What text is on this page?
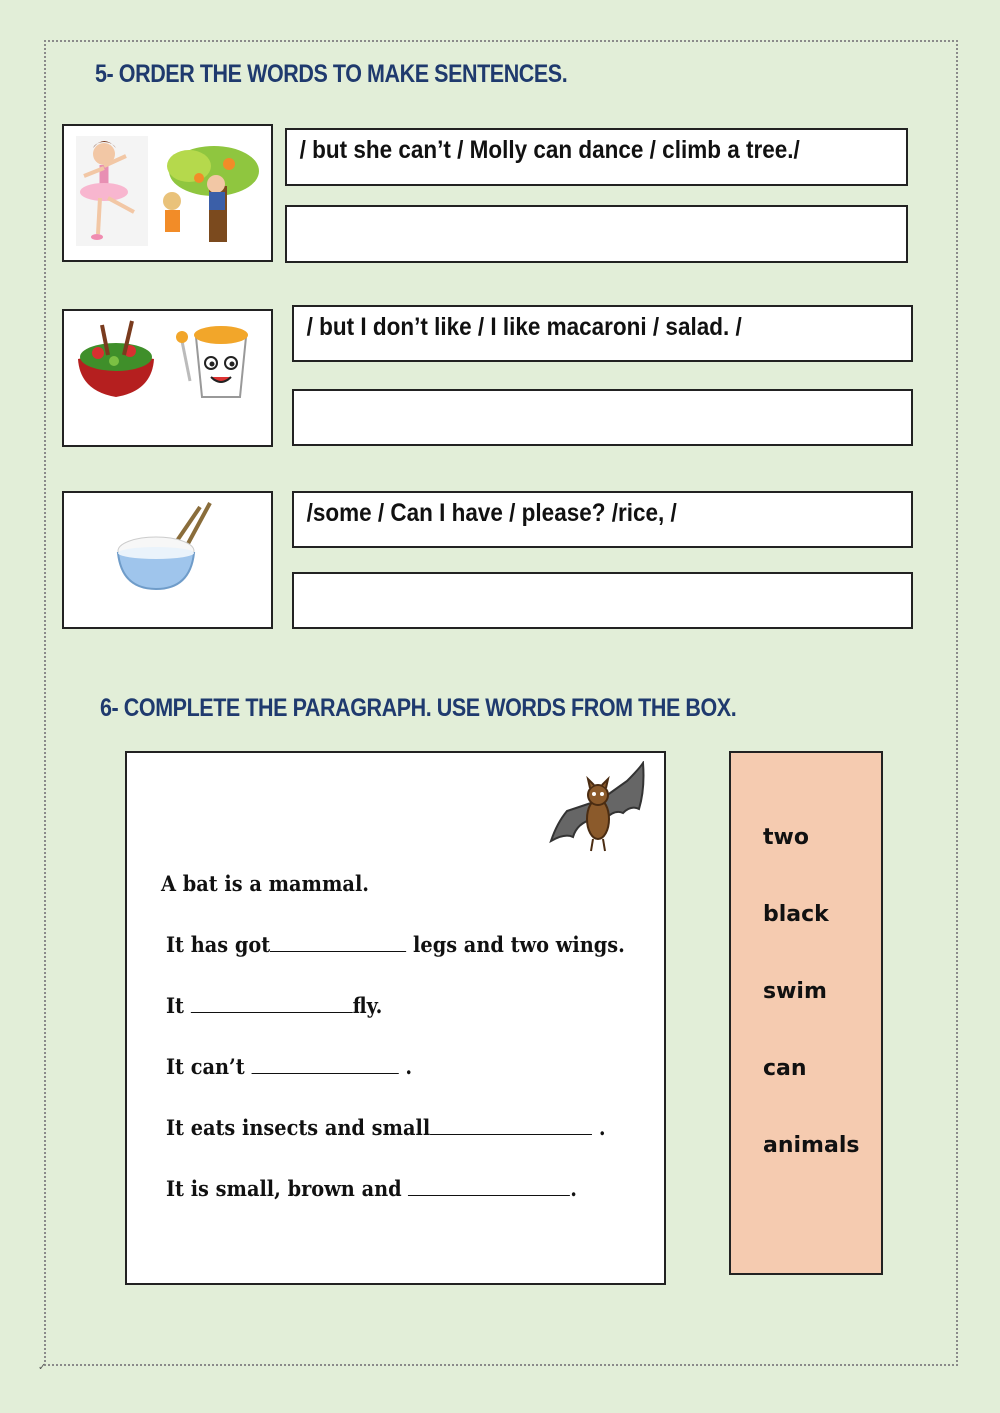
✓
5- ORDER THE WORDS TO MAKE SENTENCES.
/ but she can’t / Molly can dance / climb a tree./
/ but I don’t like / I like macaroni / salad. /
/some / Can I have / please? /rice, /
6- COMPLETE THE PARAGRAPH. USE WORDS FROM THE BOX.
A bat is a mammal.
It has got	legs and two wings.
It	fly.
It can’t	.
It eats insects and small	.
It is small, brown and	.
two
black
swim
can
animals
